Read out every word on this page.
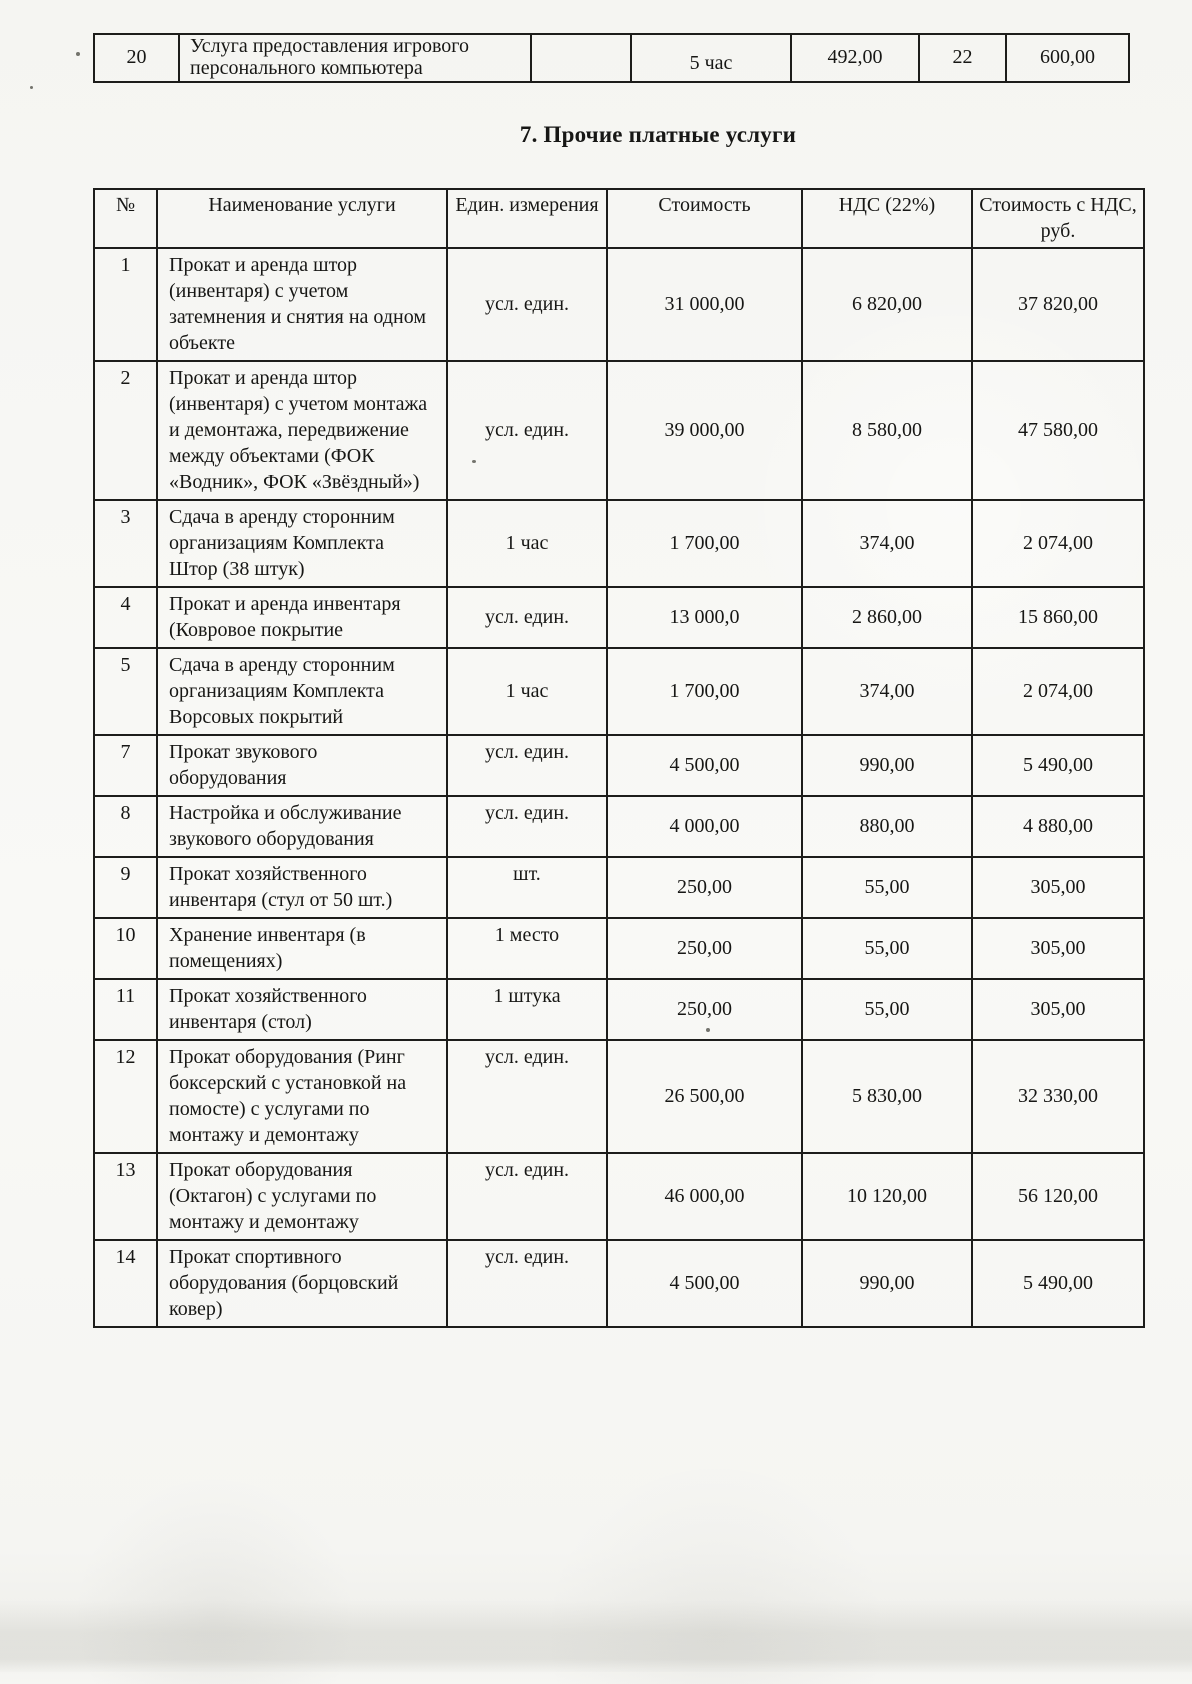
20	Услуга предоставления игрового персонального компьютера		5 час	492,00	22	600,00
7. Прочие платные услуги
№	Наименование услуги	Един. измерения	Стоимость	НДС (22%)	Стоимость с НДС, руб.
1	Прокат и аренда штор (инвентаря) с учетом затемнения и снятия на одном объекте	усл. един.	31 000,00	6 820,00	37 820,00
2	Прокат и аренда штор (инвентаря) с учетом монтажа и демонтажа, передвижение между объектами (ФОК «Водник», ФОК «Звёздный»)	усл. един.	39 000,00	8 580,00	47 580,00
3	Сдача в аренду сторонним организациям Комплекта Штор (38 штук)	1 час	1 700,00	374,00	2 074,00
4	Прокат и аренда инвентаря (Ковровое покрытие	усл. един.	13 000,0	2 860,00	15 860,00
5	Сдача в аренду сторонним организациям Комплекта Ворсовых покрытий	1 час	1 700,00	374,00	2 074,00
7	Прокат звукового оборудования	усл. един.	4 500,00	990,00	5 490,00
8	Настройка и обслуживание звукового оборудования	усл. един.	4 000,00	880,00	4 880,00
9	Прокат хозяйственного инвентаря (стул от 50 шт.)	шт.	250,00	55,00	305,00
10	Хранение инвентаря (в помещениях)	1 место	250,00	55,00	305,00
11	Прокат хозяйственного инвентаря (стол)	1 штука	250,00	55,00	305,00
12	Прокат оборудования (Ринг боксерский с установкой на помосте) с услугами по монтажу и демонтажу	усл. един.	26 500,00	5 830,00	32 330,00
13	Прокат оборудования (Октагон) с услугами по монтажу и демонтажу	усл. един.	46 000,00	10 120,00	56 120,00
14	Прокат спортивного оборудования (борцовский ковер)	усл. един.	4 500,00	990,00	5 490,00
